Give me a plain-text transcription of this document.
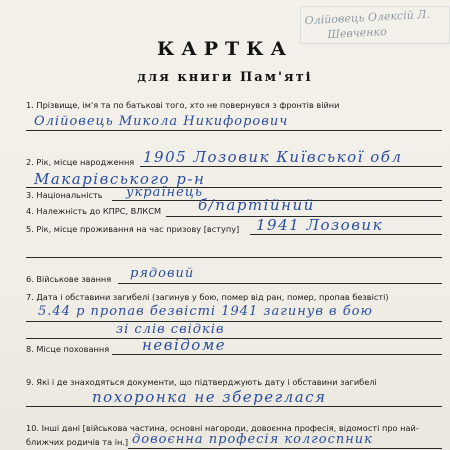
Олійовець Олексій Л.
Шевченко
КАРТКА
для книги Пам'яті
1. Прізвище, ім'я та по батькові того, хто не повернувся з фронтів війни
Олійовець Микола Никифорович
2. Рік, місце народження 1905 Лозовик Київської обл
Макарівського р-н
3. Національність українець
4. Належність до КПРС, ВЛКСМ б/партійний
5. Рік, місце проживання на час призову [вступу] 1941 Лозовик
6. Військове звання рядовий
7. Дата і обставини загибелі (загинув у бою, помер від ран, помер, пропав безвісті)
5.44 р пропав безвісті 1941 загинув в бою
зі слів свідків
8. Місце поховання невідоме
9. Які і де знаходяться документи, що підтверджують дату і обставини загибелі
похоронка не збереглася
10. Інші дані [військова частина, основні нагороди, довоєнна професія, відомості про най-
ближчих родичів та ін.] довоєнна професія колгоспник
